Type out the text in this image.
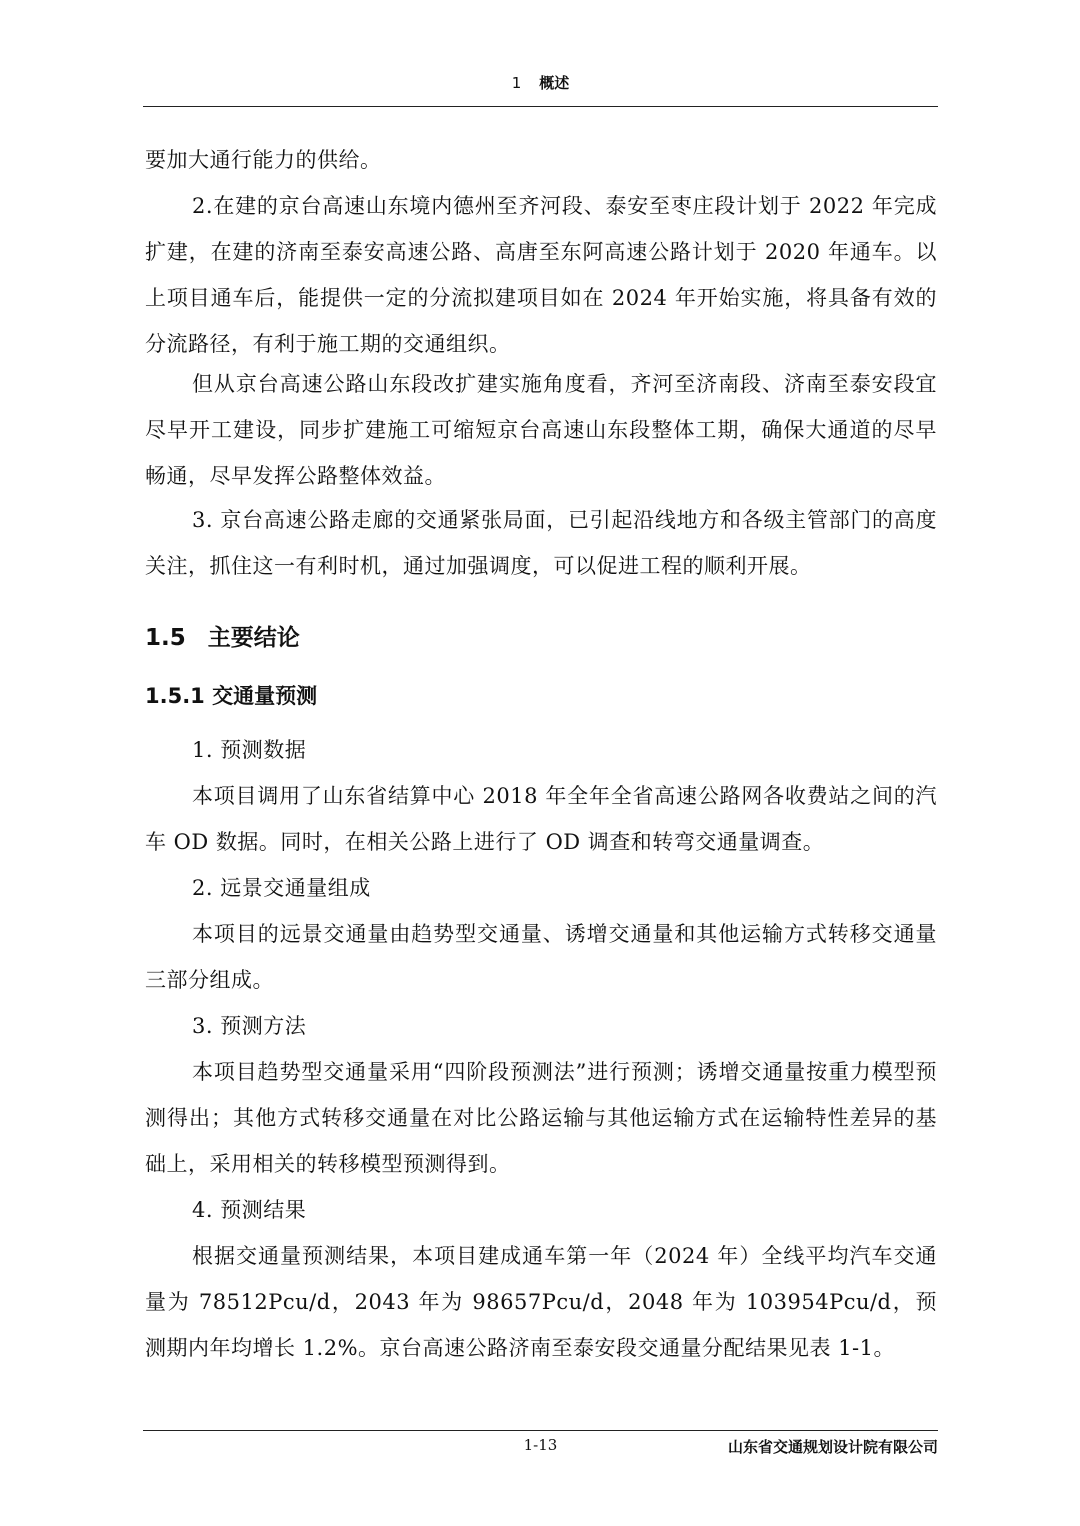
1 概述

要加大通行能力的供给。

2.在建的京台高速山东境内德州至齐河段、泰安至枣庄段计划于 2022 年完成扩建，在建的济南至泰安高速公路、高唐至东阿高速公路计划于 2020 年通车。以上项目通车后，能提供一定的分流拟建项目如在 2024 年开始实施，将具备有效的分流路径，有利于施工期的交通组织。

但从京台高速公路山东段改扩建实施角度看，齐河至济南段、济南至泰安段宜尽早开工建设，同步扩建施工可缩短京台高速山东段整体工期，确保大通道的尽早畅通，尽早发挥公路整体效益。

3. 京台高速公路走廊的交通紧张局面，已引起沿线地方和各级主管部门的高度关注，抓住这一有利时机，通过加强调度，可以促进工程的顺利开展。

1.5 主要结论
1.5.1 交通量预测

1. 预测数据

本项目调用了山东省结算中心 2018 年全年全省高速公路网各收费站之间的汽车 OD 数据。同时，在相关公路上进行了 OD 调查和转弯交通量调查。

2. 远景交通量组成

本项目的远景交通量由趋势型交通量、诱增交通量和其他运输方式转移交通量三部分组成。

3. 预测方法

本项目趋势型交通量采用“四阶段预测法”进行预测；诱增交通量按重力模型预测得出；其他方式转移交通量在对比公路运输与其他运输方式在运输特性差异的基础上，采用相关的转移模型预测得到。

4. 预测结果

根据交通量预测结果，本项目建成通车第一年（2024 年）全线平均汽车交通量为 78512Pcu/d，2043 年为 98657Pcu/d，2048 年为 103954Pcu/d，预测期内年均增长 1.2%。京台高速公路济南至泰安段交通量分配结果见表 1-1。

1-13	山东省交通规划设计院有限公司
